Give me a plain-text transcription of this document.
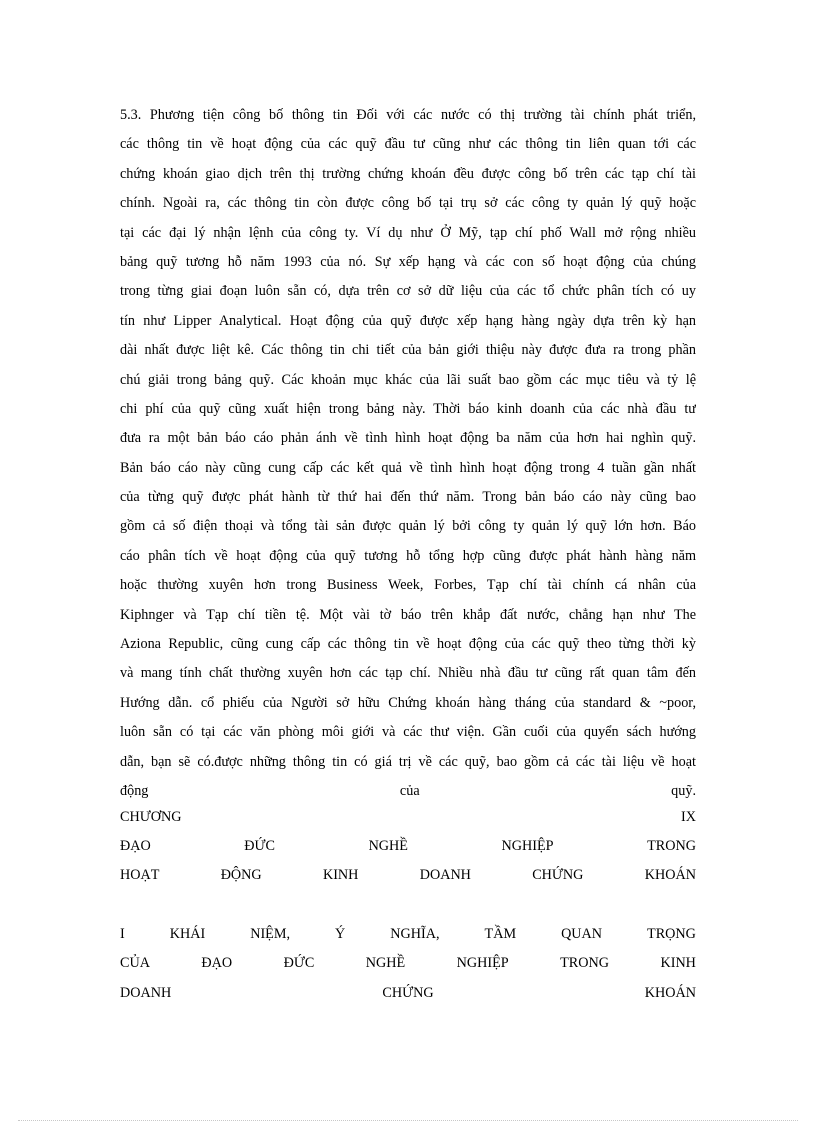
5.3. Phương tiện công bố thông tin Đối với các nước có thị trường tài chính phát triển,
các thông tin về hoạt động của các quỹ đầu tư cũng như các thông tin liên quan tới các
chứng khoán giao dịch trên thị trường chứng khoán đều được công bố trên các tạp chí tài
chính. Ngoài ra, các thông tin còn được công bố tại trụ sở các công ty quản lý quỹ hoặc
tại các đại lý nhận lệnh của công ty. Ví dụ như Ở Mỹ, tạp chí phố Wall mở rộng nhiều
bảng quỹ tương hỗ năm 1993 của nó. Sự xếp hạng và các con số hoạt động của chúng
trong từng giai đoạn luôn sẵn có, dựa trên cơ sở dữ liệu của các tổ chức phân tích có uy
tín như Lipper Analytical. Hoạt động của quỹ được xếp hạng hàng ngày dựa trên kỳ hạn
dài nhất được liệt kê. Các thông tin chi tiết của bản giới thiệu này được đưa ra trong phần
chú giải trong bảng quỹ. Các khoản mục khác của lãi suất bao gồm các mục tiêu và tỷ lệ
chi phí của quỹ cũng xuất hiện trong bảng này. Thời báo kinh doanh của các nhà đầu tư
đưa ra một bản báo cáo phản ánh về tình hình hoạt động ba năm của hơn hai nghìn quỹ.
Bản báo cáo này cũng cung cấp các kết quả về tình hình hoạt động trong 4 tuần gần nhất
của từng quỹ được phát hành từ thứ hai đến thứ năm. Trong bản báo cáo này cũng bao
gồm cả số điện thoại và tổng tài sản được quản lý bởi công ty quản lý quỹ lớn hơn. Báo
cáo phân tích về hoạt động của quỹ tương hỗ tổng hợp cũng được phát hành hàng năm
hoặc thường xuyên hơn trong Business Week, Forbes, Tạp chí tài chính cá nhân của
Kiphnger và Tạp chí tiền tệ. Một vài tờ báo trên khắp đất nước, chẳng hạn như The
Aziona Republic, cũng cung cấp các thông tin về hoạt động của các quỹ theo từng thời kỳ
và mang tính chất thường xuyên hơn các tạp chí. Nhiều nhà đầu tư cũng rất quan tâm đến
Hướng dẫn. cổ phiếu của Người sở hữu Chứng khoán hàng tháng của standard & ~poor,
luôn sẵn có tại các văn phòng môi giới và các thư viện. Gần cuối của quyển sách hướng
dẫn, bạn sẽ có.được những thông tin có giá trị về các quỹ, bao gồm cả các tài liệu về hoạt
động	của	quỹ.
CHƯƠNG	IX
ĐẠO	ĐỨC	NGHỀ	NGHIỆP	TRONG
HOẠT	ĐỘNG	KINH	DOANH	CHỨNG	KHOÁN
I	KHÁI	NIỆM,	Ý	NGHĨA,	TẦM	QUAN	TRỌNG
CỦA	ĐẠO	ĐỨC	NGHỀ	NGHIỆP	TRONG	KINH
DOANH	CHỨNG	KHOÁN
